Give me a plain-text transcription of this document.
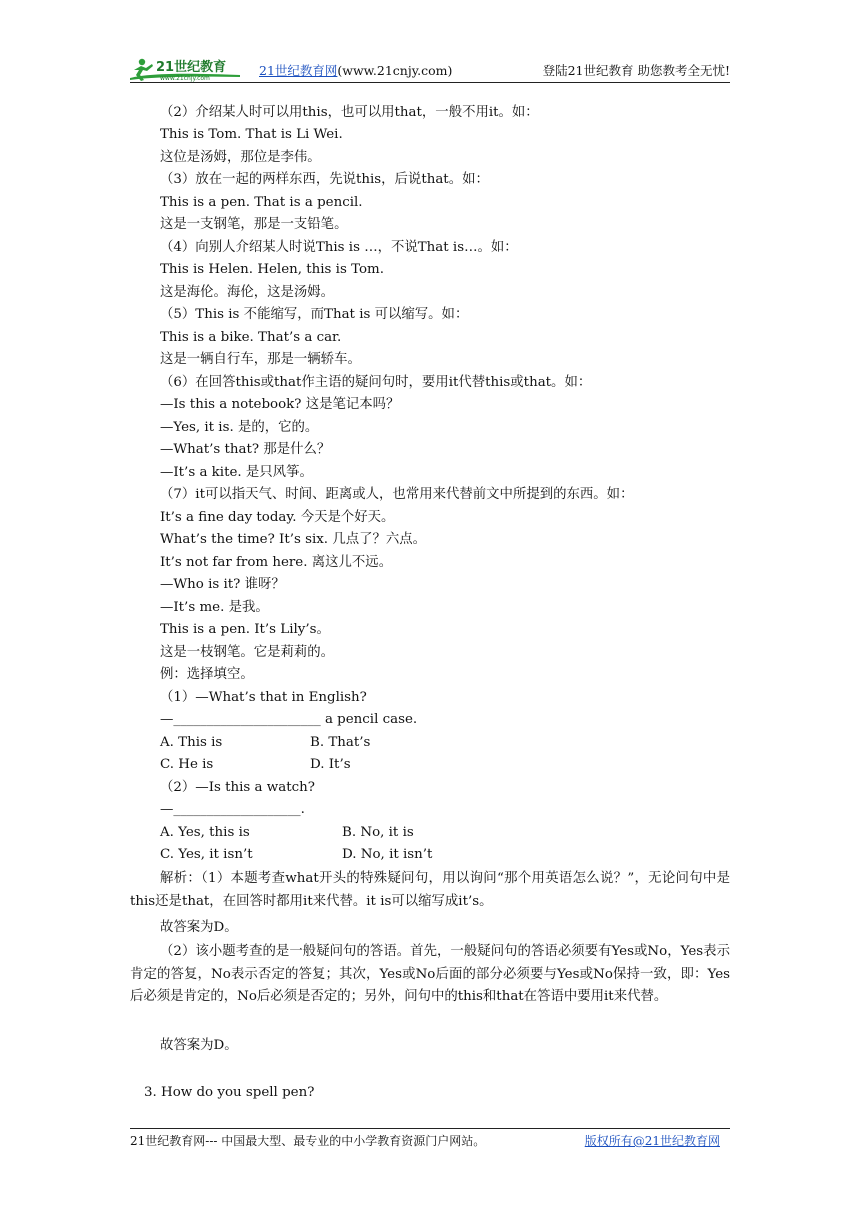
21世纪教育
www.21cnjy.com
21世纪教育网(www.21cnjy.com)	登陆21世纪教育 助您教考全无忧!
（2）介绍某人时可以用this，也可以用that，一般不用it。如：
This is Tom. That is Li Wei.
这位是汤姆，那位是李伟。
（3）放在一起的两样东西，先说this，后说that。如：
This is a pen. That is a pencil.
这是一支钢笔，那是一支铅笔。
（4）向别人介绍某人时说This is …，不说That is…。如：
This is Helen. Helen, this is Tom.
这是海伦。海伦，这是汤姆。
（5）This is 不能缩写，而That is 可以缩写。如：
This is a bike. That’s a car.
这是一辆自行车，那是一辆轿车。
（6）在回答this或that作主语的疑问句时，要用it代替this或that。如：
—Is this a notebook? 这是笔记本吗？
—Yes, it is. 是的，它的。
—What’s that? 那是什么？
—It’s a kite. 是只风筝。
（7）it可以指天气、时间、距离或人，也常用来代替前文中所提到的东西。如：
It’s a fine day today. 今天是个好天。
What’s the time? It’s six. 几点了？六点。
It’s not far from here. 离这儿不远。
—Who is it? 谁呀？
—It’s me. 是我。
This is a pen. It’s Lily’s。
这是一枝钢笔。它是莉莉的。
例：选择填空。
（1）—What’s that in English?
—______________________ a pencil case.
A. This is	B. That’s
C. He is	D. It’s
（2）—Is this a watch?
—___________________.
A. Yes, this is	B. No, it is
C. Yes, it isn’t	D. No, it isn’t
解析：（1）本题考查what开头的特殊疑问句，用以询问“那个用英语怎么说？”，无论问句中是this还是that，在回答时都用it来代替。it is可以缩写成it’s。
故答案为D。
（2）该小题考查的是一般疑问句的答语。首先，一般疑问句的答语必须要有Yes或No，Yes表示肯定的答复，No表示否定的答复；其次，Yes或No后面的部分必须要与Yes或No保持一致，即：Yes后必须是肯定的，No后必须是否定的；另外，问句中的this和that在答语中要用it来代替。
故答案为D。
3. How do you spell pen?
21世纪教育网--- 中国最大型、最专业的中小学教育资源门户网站。	版权所有@21世纪教育网
